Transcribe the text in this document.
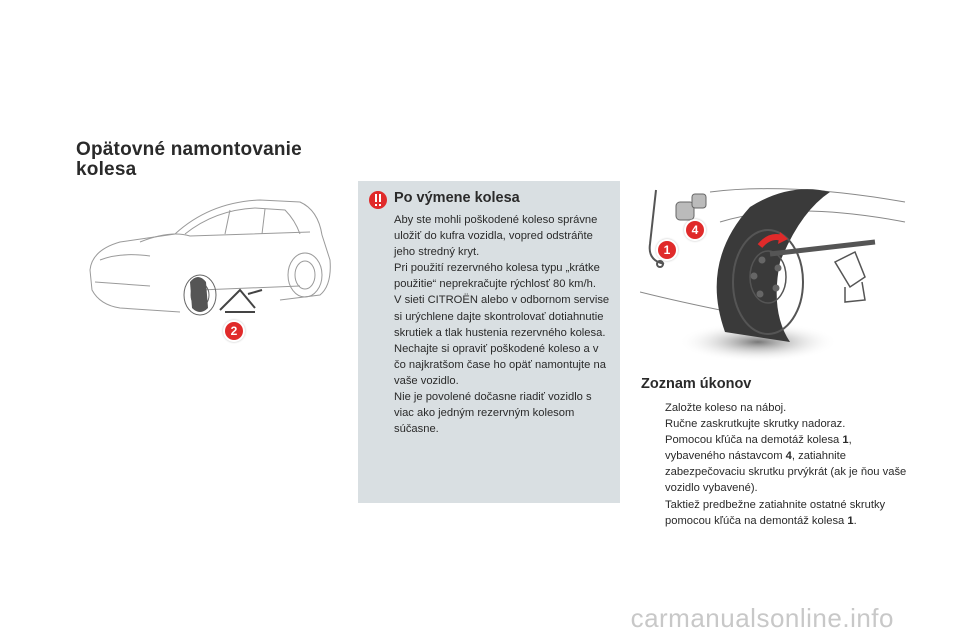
Opätovné namontovanie
kolesa
2
Po výmene kolesa

Aby ste mohli poškodené koleso správne uložiť do kufra vozidla, vopred odstráňte jeho stredný kryt.

Pri použití rezervného kolesa typu „krátke použitie“ neprekračujte rýchlosť 80 km/h.

V sieti CITROËN alebo v odbornom servise si urýchlene dajte skontrolovať dotiahnutie skrutiek a tlak hustenia rezervného kolesa.

Nechajte si opraviť poškodené koleso a v čo najkratšom čase ho opäť namontujte na vaše vozidlo.

Nie je povolené dočasne riadiť vozidlo s viac ako jedným rezervným kolesom súčasne.

1
4
Zoznam úkonov
Založte koleso na náboj.
Ručne zaskrutkujte skrutky nadoraz.
Pomocou kľúča na demotáž kolesa 1, vybaveného nástavcom 4, zatiahnite zabezpečovaciu skrutku prvýkrát (ak je ňou vaše vozidlo vybavené).
Taktiež predbežne zatiahnite ostatné skrutky pomocou kľúča na demontáž kolesa 1.
carmanualsonline.info
